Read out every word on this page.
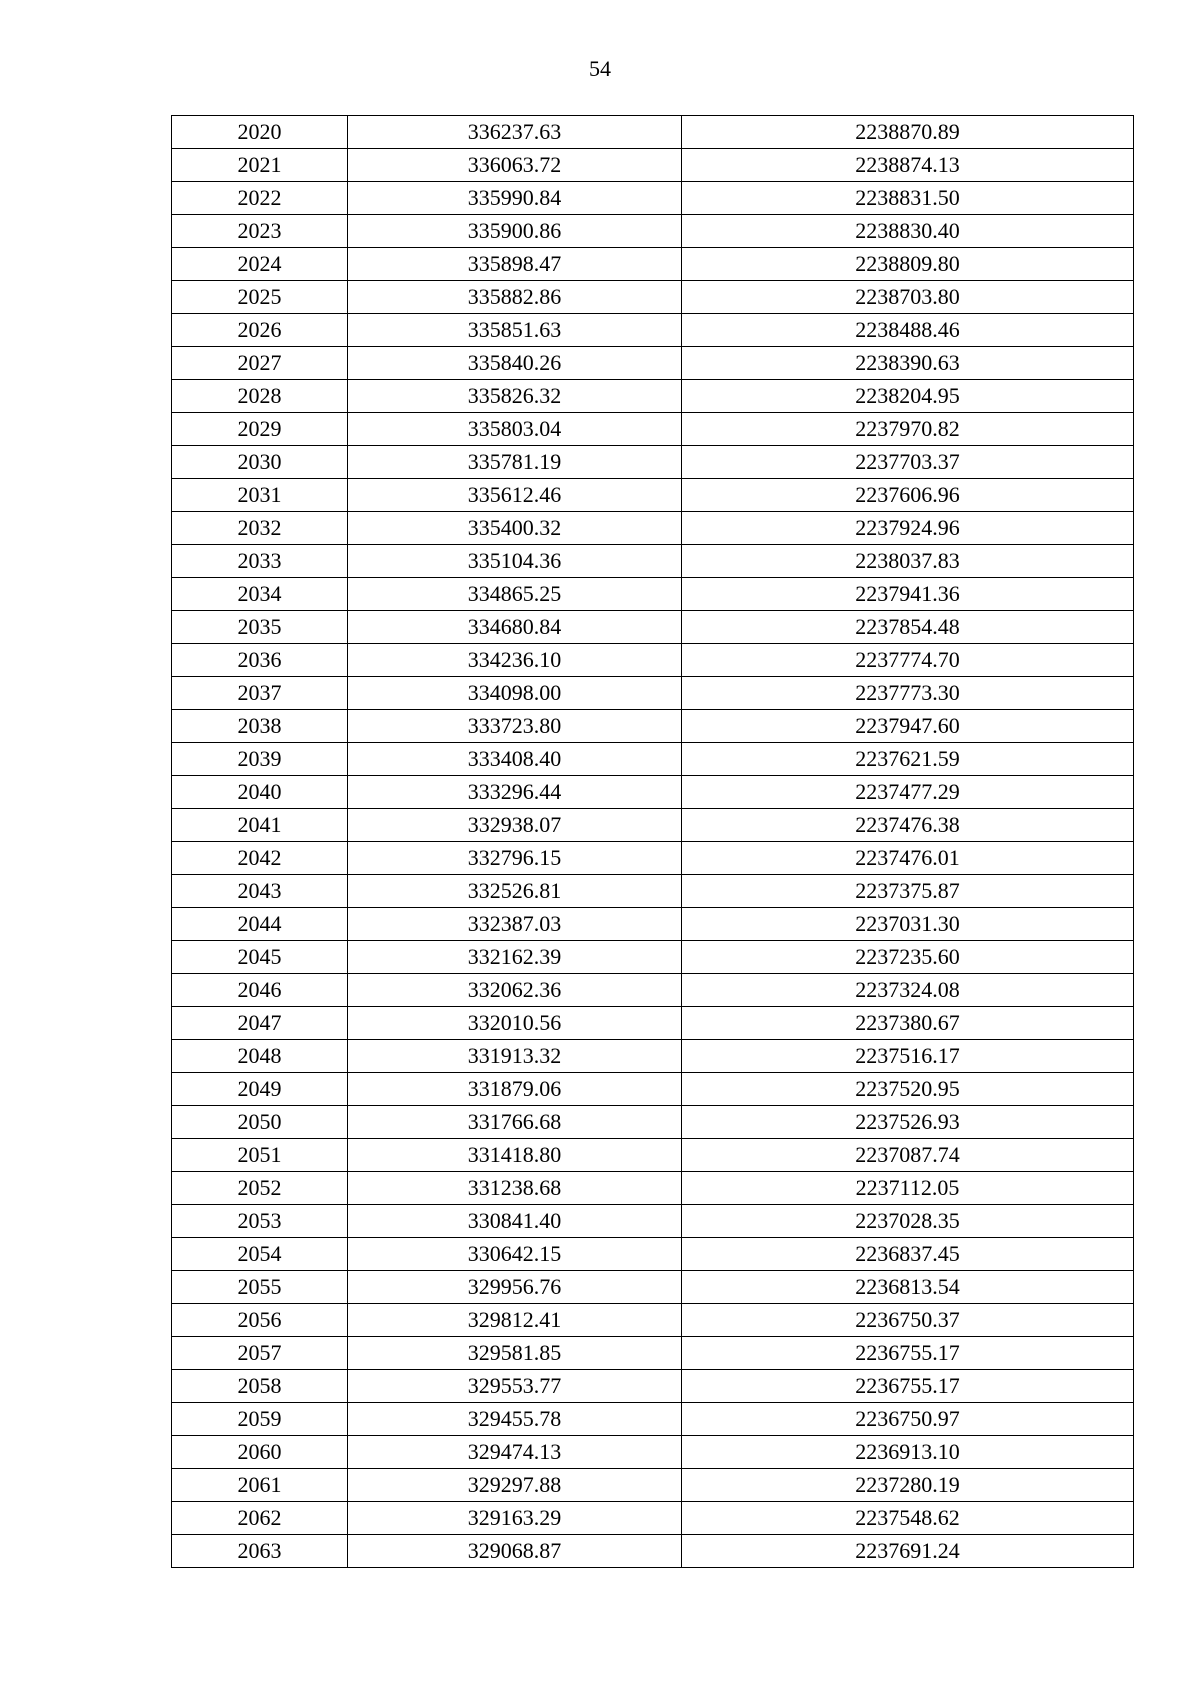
54
2020	336237.63	2238870.89
2021	336063.72	2238874.13
2022	335990.84	2238831.50
2023	335900.86	2238830.40
2024	335898.47	2238809.80
2025	335882.86	2238703.80
2026	335851.63	2238488.46
2027	335840.26	2238390.63
2028	335826.32	2238204.95
2029	335803.04	2237970.82
2030	335781.19	2237703.37
2031	335612.46	2237606.96
2032	335400.32	2237924.96
2033	335104.36	2238037.83
2034	334865.25	2237941.36
2035	334680.84	2237854.48
2036	334236.10	2237774.70
2037	334098.00	2237773.30
2038	333723.80	2237947.60
2039	333408.40	2237621.59
2040	333296.44	2237477.29
2041	332938.07	2237476.38
2042	332796.15	2237476.01
2043	332526.81	2237375.87
2044	332387.03	2237031.30
2045	332162.39	2237235.60
2046	332062.36	2237324.08
2047	332010.56	2237380.67
2048	331913.32	2237516.17
2049	331879.06	2237520.95
2050	331766.68	2237526.93
2051	331418.80	2237087.74
2052	331238.68	2237112.05
2053	330841.40	2237028.35
2054	330642.15	2236837.45
2055	329956.76	2236813.54
2056	329812.41	2236750.37
2057	329581.85	2236755.17
2058	329553.77	2236755.17
2059	329455.78	2236750.97
2060	329474.13	2236913.10
2061	329297.88	2237280.19
2062	329163.29	2237548.62
2063	329068.87	2237691.24
